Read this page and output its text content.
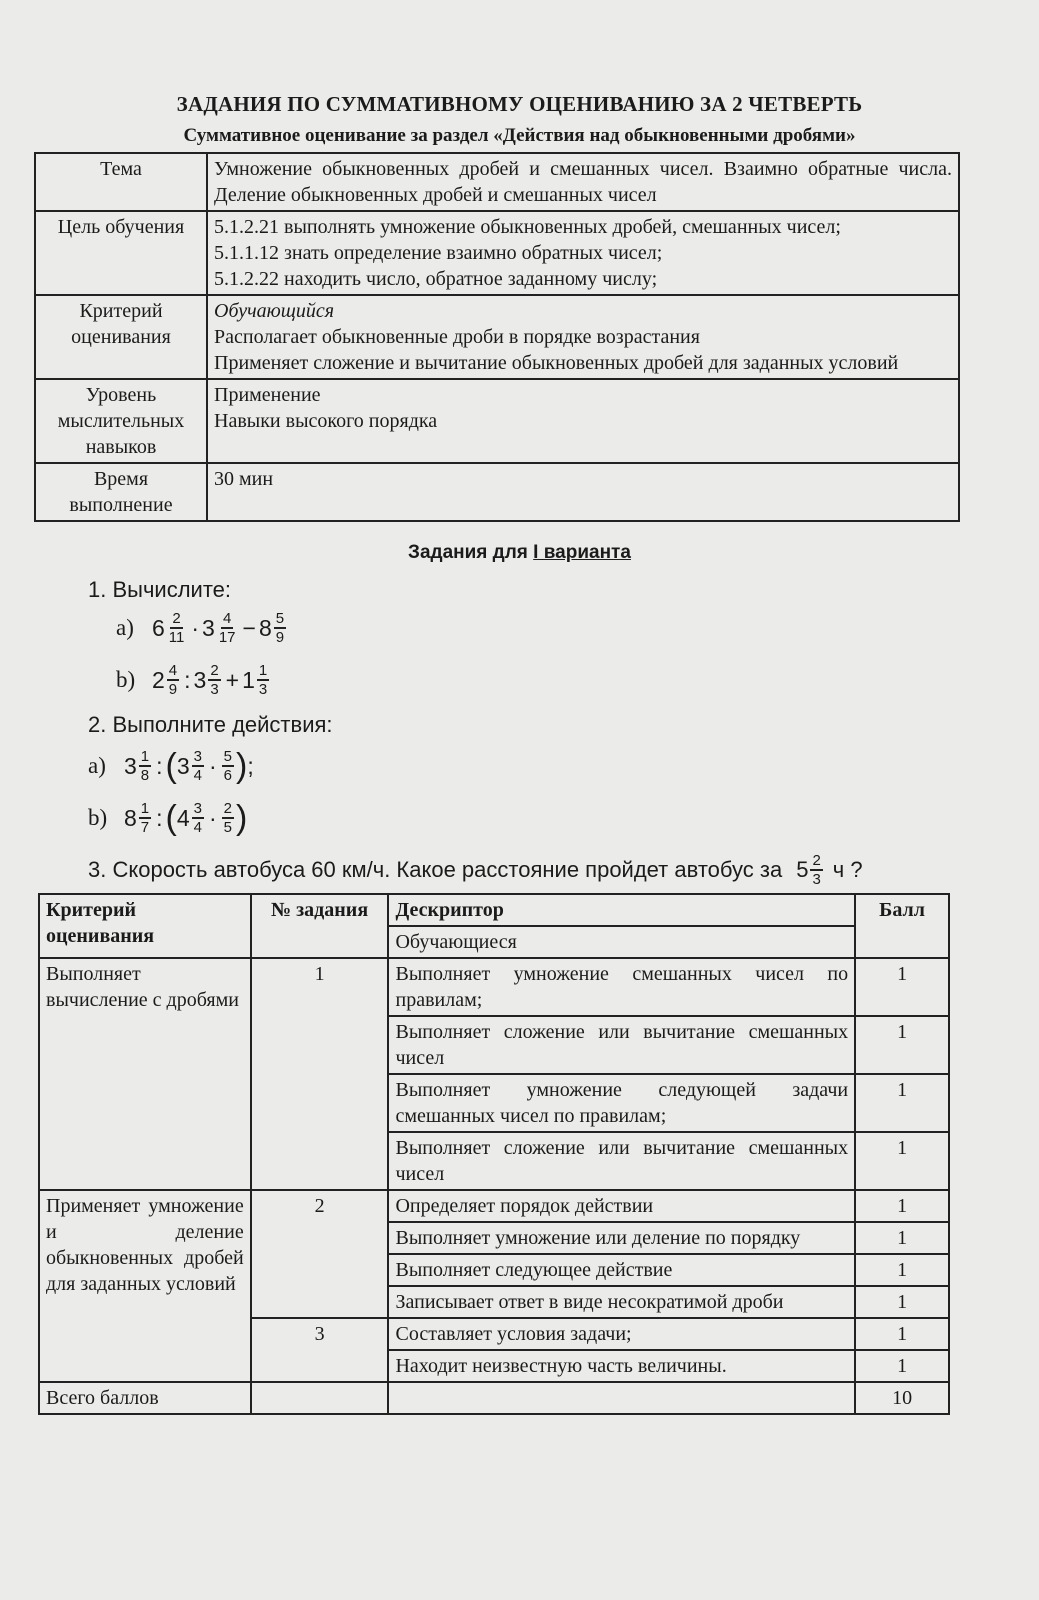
ЗАДАНИЯ ПО СУММАТИВНОМУ ОЦЕНИВАНИЮ ЗА 2 ЧЕТВЕРТЬ
Суммативное оценивание за раздел «Действия над обыкновенными дробями»
Тема	Умножение обыкновенных дробей и смешанных чисел. Взаимно обратные числа. Деление обыкновенных дробей и смешанных чисел
Цель обучения	5.1.2.21 выполнять умножение обыкновенных дробей, смешанных чисел;
5.1.1.12 знать определение взаимно обратных чисел;
5.1.2.22 находить число, обратное заданному числу;

Критерий оценивания	Обучающийся
Располагает обыкновенные дроби в порядке возрастания
Применяет сложение и вычитание обыкновенных дробей для заданных условий

Уровень мыслительных навыков	Применение
Навыки высокого порядка

Время выполнение	30 мин
Задания для I варианта
1. Вычислите:
a) $6 \frac{2}{11} \cdot 3 \frac{4}{17} - 8 \frac{5}{9}$
b) $2 \frac{4}{9}$ : $3 \frac{2}{3} + 1 \frac{1}{3}$
2. Выполните действия:
a) $3 \frac{1}{8}$ : ( $3 \frac{3}{4} \cdot \frac{5}{6}$ ) ;
b) $8 \frac{1}{7}$ : ( $4 \frac{3}{4} \cdot \frac{2}{5}$ )
3. Скорость автобуса 60 км/ч. Какое расстояние пройдет автобус за $5 \frac{2}{3}$ ч ?
Критерий оценивания	№ задания	Дескриптор	Балл
		Обучающиеся	
Выполняет вычисление с дробями	1	Выполняет умножение смешанных чисел по правилам;	1
		Выполняет сложение или вычитание смешанных чисел	1
		Выполняет умножение следующей задачи смешанных чисел по правилам;	1
		Выполняет сложение или вычитание смешанных чисел	1
Применяет умножение и деление обыкновенных дробей для заданных условий	2	Определяет порядок действии	1
		Выполняет умножение или деление по порядку	1
		Выполняет следующее действие	1
		Записывает ответ в виде несократимой дроби	1
	3	Составляет условия задачи;	1
		Находит неизвестную часть величины.	1
Всего баллов			10
